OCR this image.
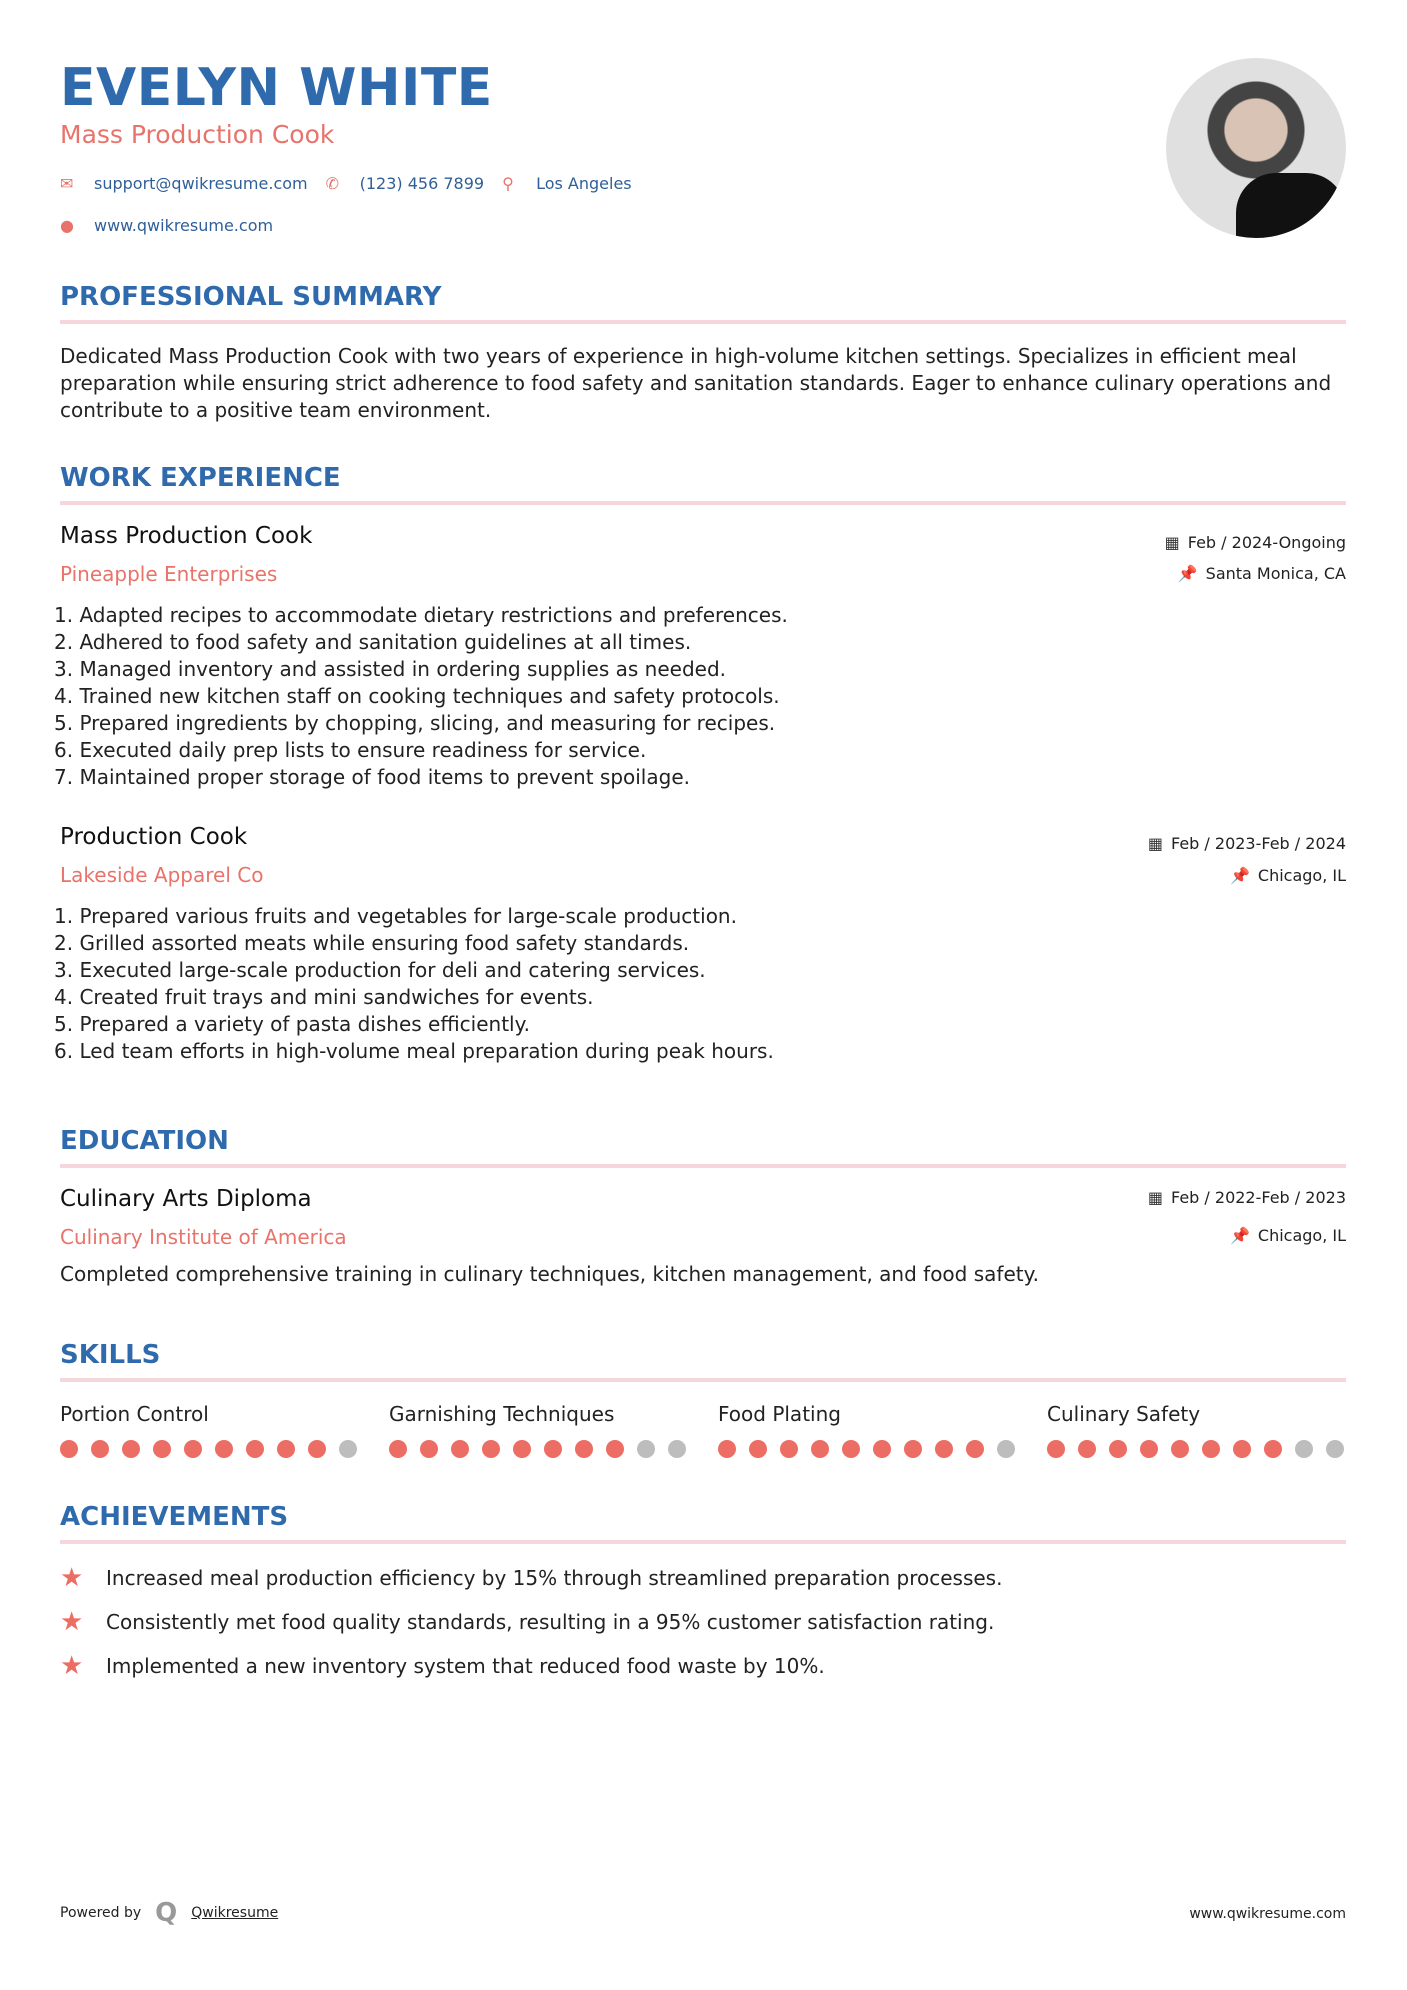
EVELYN WHITE
Mass Production Cook
✉	support@qwikresume.com ✆	(123) 456 7899 ⚲	Los Angeles
●	www.qwikresume.com
PROFESSIONAL SUMMARY
Dedicated Mass Production Cook with two years of experience in high-volume kitchen settings. Specializes in efficient meal preparation while ensuring strict adherence to food safety and sanitation standards. Eager to enhance culinary operations and contribute to a positive team environment.
WORK EXPERIENCE
Mass Production Cook
Pineapple Enterprises
▦ Feb / 2024-Ongoing
📌 Santa Monica, CA
1. Adapted recipes to accommodate dietary restrictions and preferences.
2. Adhered to food safety and sanitation guidelines at all times.
3. Managed inventory and assisted in ordering supplies as needed.
4. Trained new kitchen staff on cooking techniques and safety protocols.
5. Prepared ingredients by chopping, slicing, and measuring for recipes.
6. Executed daily prep lists to ensure readiness for service.
7. Maintained proper storage of food items to prevent spoilage.
Production Cook
Lakeside Apparel Co
▦ Feb / 2023-Feb / 2024
📌 Chicago, IL
1. Prepared various fruits and vegetables for large-scale production.
2. Grilled assorted meats while ensuring food safety standards.
3. Executed large-scale production for deli and catering services.
4. Created fruit trays and mini sandwiches for events.
5. Prepared a variety of pasta dishes efficiently.
6. Led team efforts in high-volume meal preparation during peak hours.
EDUCATION
Culinary Arts Diploma
Culinary Institute of America
▦ Feb / 2022-Feb / 2023
📌 Chicago, IL
Completed comprehensive training in culinary techniques, kitchen management, and food safety.
SKILLS
Portion Control	Garnishing Techniques	Food Plating	Culinary Safety
ACHIEVEMENTS
★	Increased meal production efficiency by 15% through streamlined preparation processes.
★	Consistently met food quality standards, resulting in a 95% customer satisfaction rating.
★	Implemented a new inventory system that reduced food waste by 10%.
Powered by Q Qwikresume	www.qwikresume.com
